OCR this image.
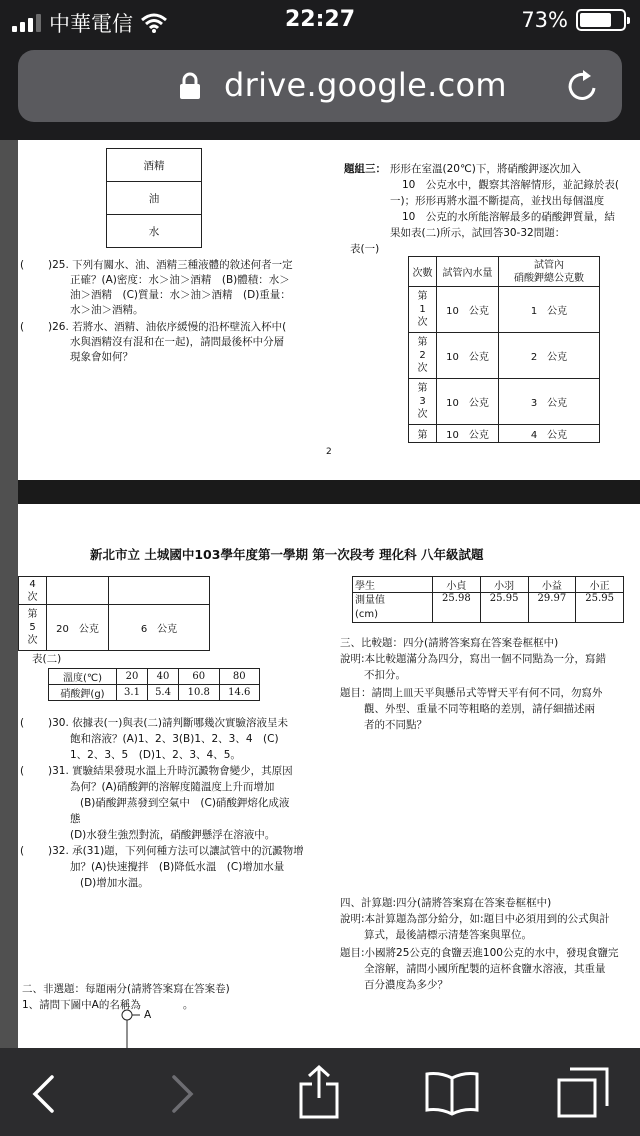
中華電信	22:27	73%
drive.google.com
酒精
油
水
( )25. 下列有關水、油、酒精三種液體的敘述何者一定
正確？(A)密度：水＞油＞酒精　(B)體積：水＞
油＞酒精　(C)質量：水＞油＞酒精　(D)重量：
水＞油＞酒精。
( )26. 若將水、酒精、油依序緩慢的沿杯壁流入杯中(
水與酒精沒有混和在一起)，請問最後杯中分層
現象會如何？
題組三： 形形在室溫(20℃)下，將硝酸鉀逐次加入
10　公克水中，觀察其溶解情形，並記錄於表(
一)；形形再將水溫不斷提高，並找出每個溫度
10　公克的水所能溶解最多的硝酸鉀質量，結
果如表(二)所示，試回答30-32問題：
表(一)
次數	試管內水量	試管內
硝酸鉀總公克數
第
1
次	10　公克	1　公克
第
2
次	10　公克	2　公克
第
3
次	10　公克	3　公克
第	10　公克	4　公克
2
新北市立 土城國中103學年度第一學期 第一次段考 理化科 八年級試題
4
次		
第
5
次	20　公克	6　公克
表(二)
溫度(℃)	20	40	60	80
硝酸鉀(g)	3.1	5.4	10.8	14.6
學生	小貞	小羽	小益	小正
測量值
(cm)	25.98	25.95	29.97	25.95
( )30. 依據表(一)與表(二)請判斷哪幾次實驗溶液呈未
飽和溶液？(A)1、2、3(B)1、2、3、4　(C)
1、2、3、5　(D)1、2、3、4、5。
( )31. 實驗結果發現水溫上升時沉澱物會變少，其原因
為何？(A)硝酸鉀的溶解度隨溫度上升而增加
(B)硝酸鉀蒸發到空氣中　(C)硝酸鉀熔化成液
態
(D)水發生強烈對流，硝酸鉀懸浮在溶液中。
( )32. 承(31)題，下列何種方法可以讓試管中的沉澱物增
加？(A)快速攪拌　(B)降低水溫　(C)增加水量
(D)增加水溫。
三、比較題：四分(請將答案寫在答案卷框框中)
說明:本比較題滿分為四分，寫出一個不同點為一分，寫錯
不扣分。
題目：請問上皿天平與懸吊式等臂天平有何不同，勿寫外
觀、外型、重量不同等粗略的差別，請仔細描述兩
者的不同點？
四、計算題:四分(請將答案寫在答案卷框框中)
說明:本計算題為部分給分，如:題目中必須用到的公式與計
算式，最後請標示清楚答案與單位。
題目:小國將25公克的食鹽丟進100公克的水中，發現食鹽完
全溶解，請問小國所配製的這杯食鹽水溶液，其重量
百分濃度為多少？
二、非選題：每題兩分(請將答案寫在答案卷)
1、請問下圖中A的名稱為　　　　。
A
